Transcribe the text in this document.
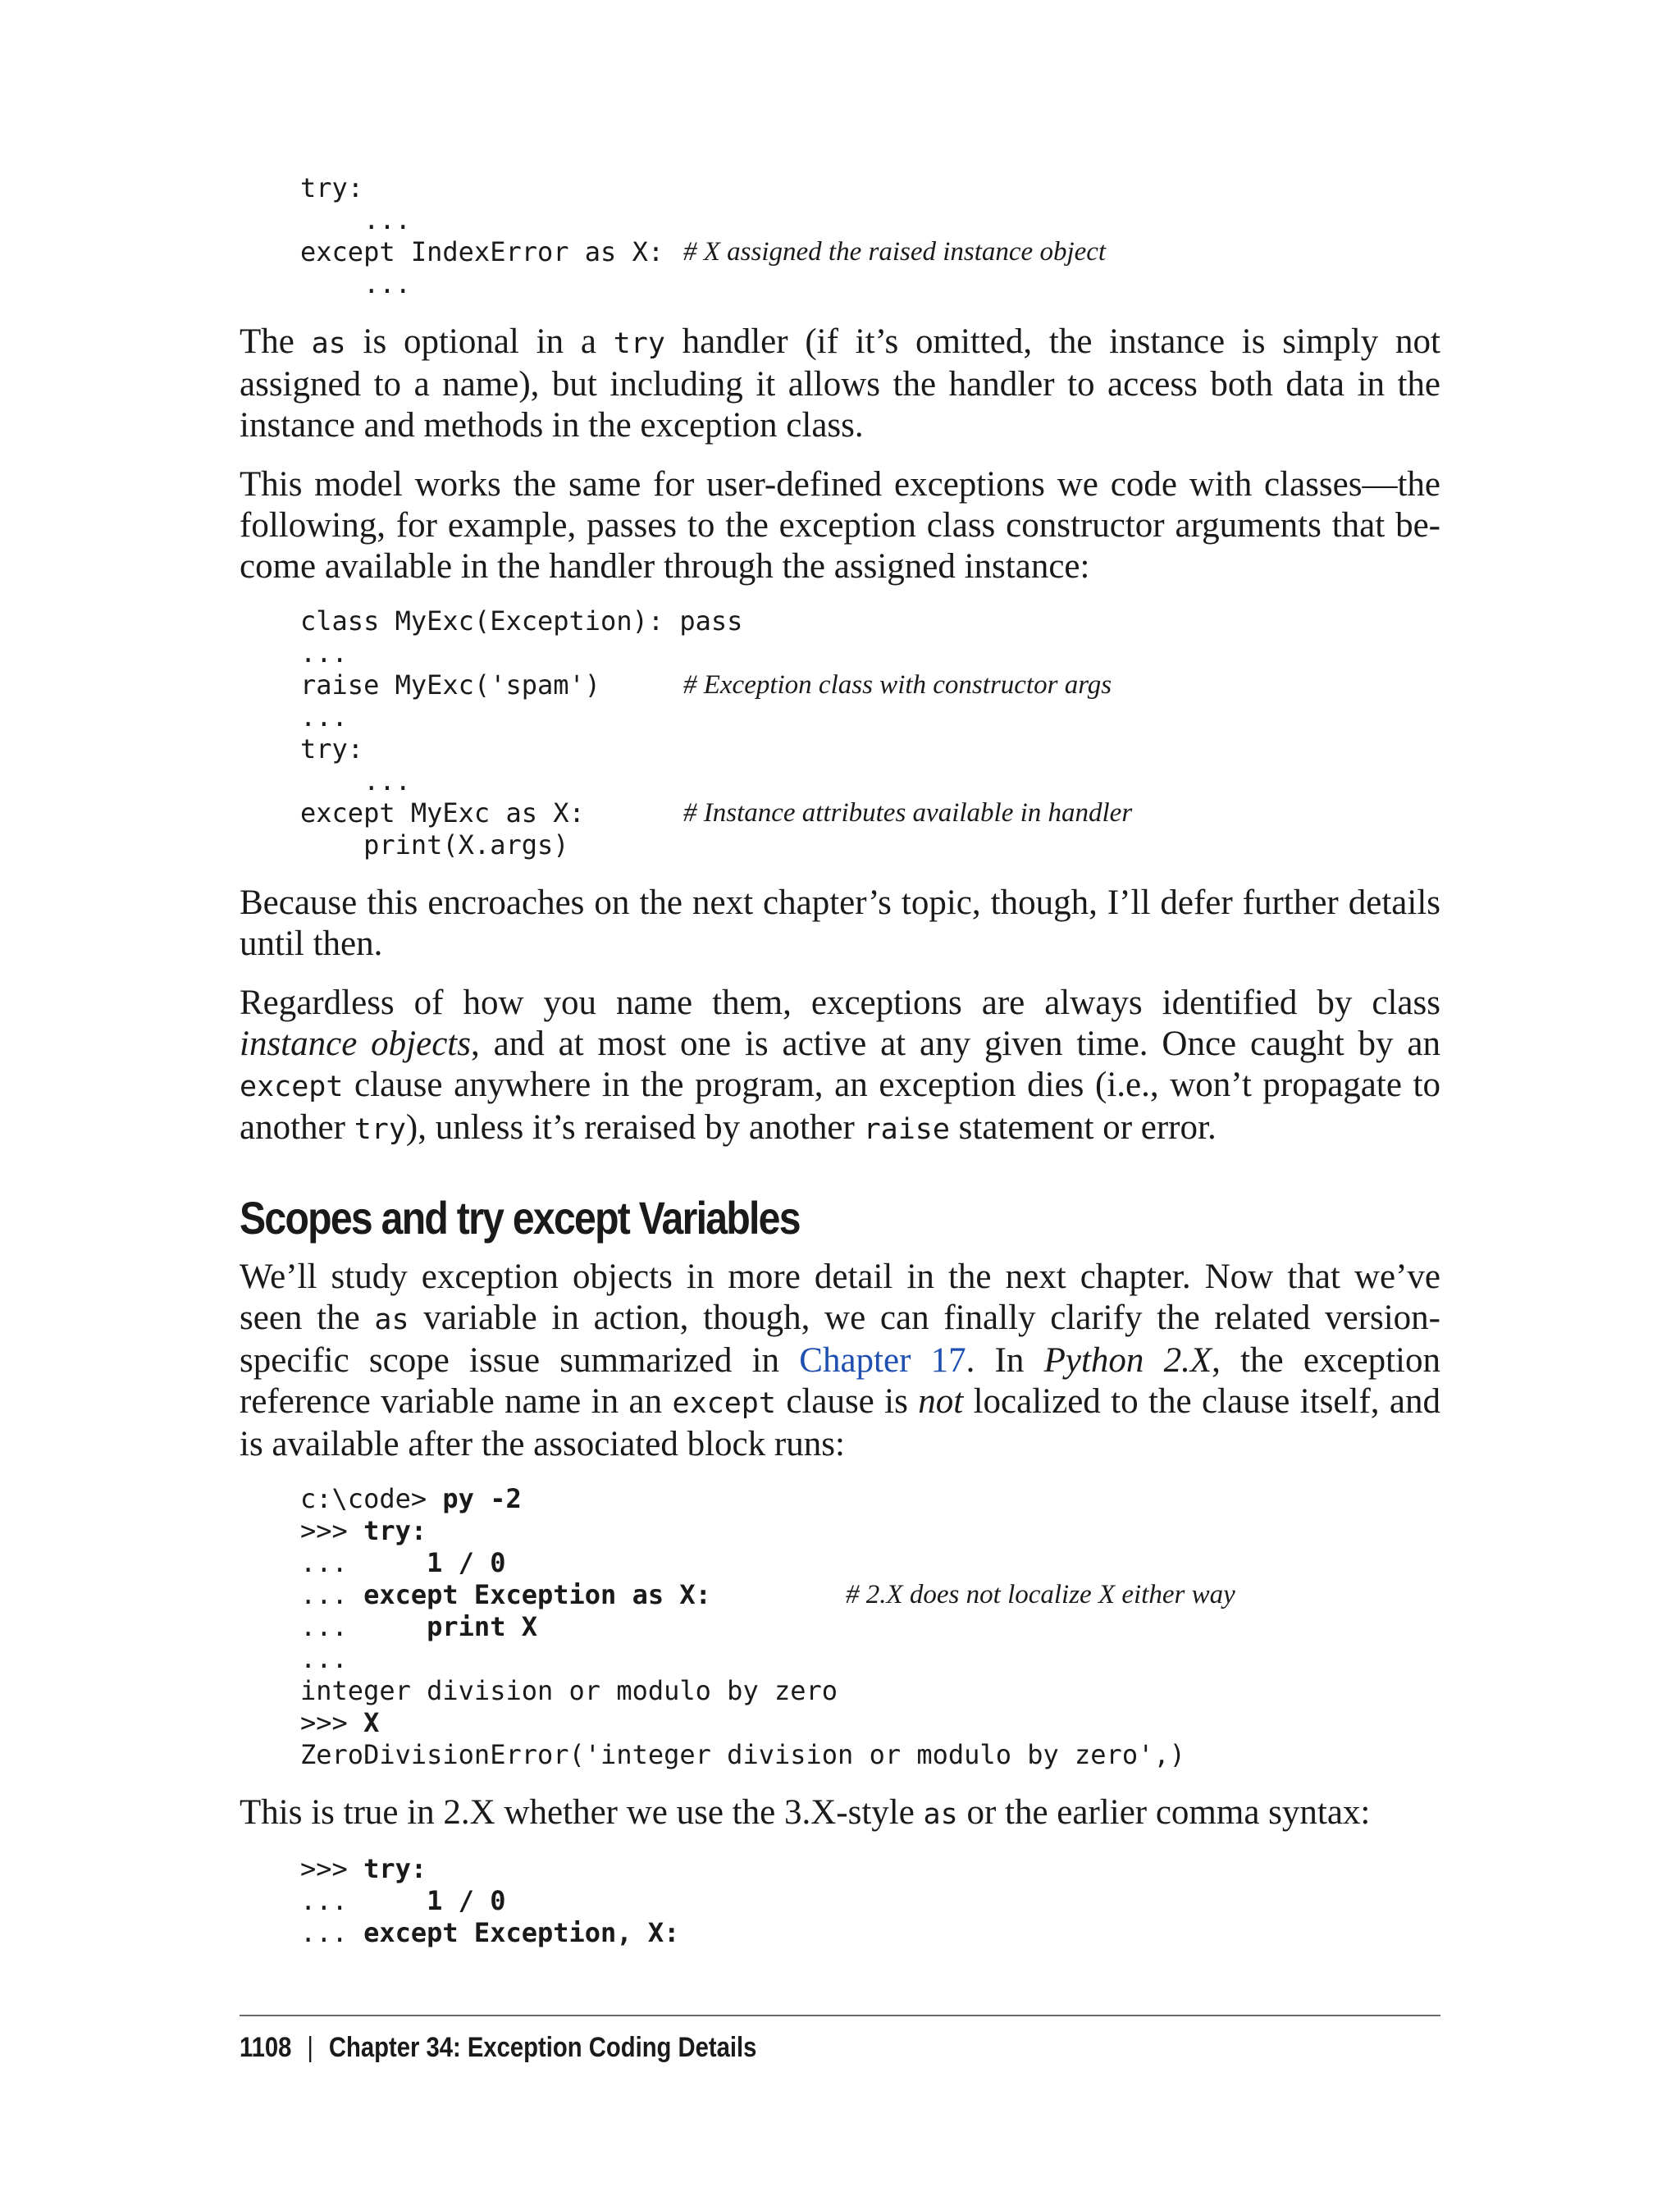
try:
...
except IndexError as X: # X assigned the raised instance object
...

The as is optional in a try handler (if it’s omitted, the instance is simply not assigned to a name), but including it allows the handler to access both data in the instance and methods in the exception class.

This model works the same for user-defined exceptions we code with classes—the following, for example, passes to the exception class constructor arguments that become available in the handler through the assigned instance:

class MyExc(Exception): pass
...
raise MyExc('spam')	# Exception class with constructor args
...
try:
...
except MyExc as X:	# Instance attributes available in handler
print(X.args)

Because this encroaches on the next chapter’s topic, though, I’ll defer further details until then.

Regardless of how you name them, exceptions are always identified by class instance objects, and at most one is active at any given time. Once caught by an except clause anywhere in the program, an exception dies (i.e., won’t propagate to another try), unless it’s reraised by another raise statement or error.

Scopes and try except Variables

We’ll study exception objects in more detail in the next chapter. Now that we’ve seen the as variable in action, though, we can finally clarify the related version-specific scope issue summarized in Chapter 17. In Python 2.X, the exception reference variable name in an except clause is not localized to the clause itself, and is available after the associated block runs:

c:\code> py -2
>>> try:
...     1 / 0
... except Exception as X:	# 2.X does not localize X either way
...     print X
...
integer division or modulo by zero
>>> X
ZeroDivisionError('integer division or modulo by zero',)

This is true in 2.X whether we use the 3.X-style as or the earlier comma syntax:

>>> try:
...     1 / 0
... except Exception, X:
1108 | Chapter 34: Exception Coding Details
